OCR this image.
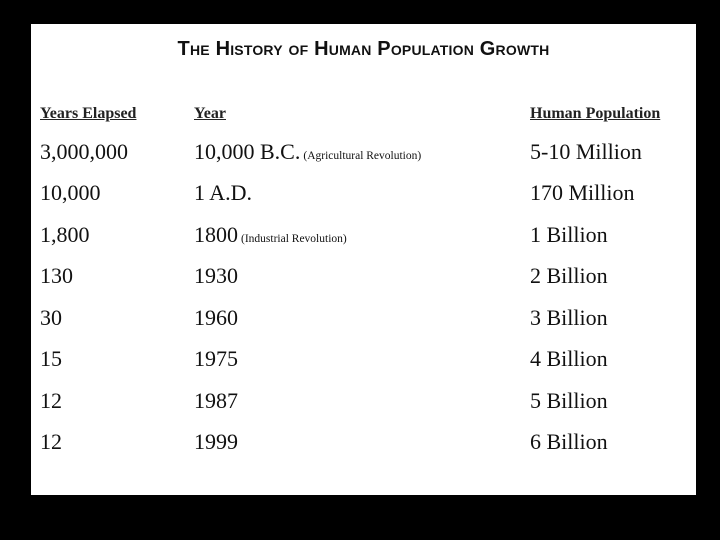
The History of Human Population Growth
Years Elapsed	Year	Human Population
3,000,000	10,000 B.C. (Agricultural Revolution)	5-10 Million
10,000	1 A.D.	170 Million
1,800	1800 (Industrial Revolution)	1 Billion
130	1930	2 Billion
30	1960	3 Billion
15	1975	4 Billion
12	1987	5 Billion
12	1999	6 Billion
